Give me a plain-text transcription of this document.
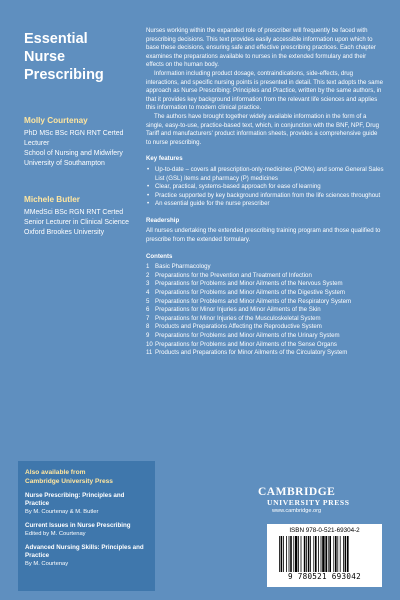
Essential
Nurse
Prescribing
Molly Courtenay
PhD MSc BSc RGN RNT Certed
Lecturer
School of Nursing and Midwifery
University of Southampton
Michele Butler
MMedSci BSc RGN RNT Certed
Senior Lecturer in Clinical Science
Oxford Brookes University

Nurses working within the expanded role of prescriber will frequently be faced with prescribing decisions. This text provides easily accessible information upon which to base these decisions, ensuring safe and effective prescribing practices. Each chapter examines the preparations available to nurses in the extended formulary and their effects on the human body.

Information including product dosage, contraindications, side-effects, drug interactions, and specific nursing points is presented in detail. This text adopts the same approach as Nurse Prescribing: Principles and Practice, written by the same authors, in that it provides key background information from the relevant life sciences and applies this information to modern clinical practice.

The authors have brought together widely available information in the form of a single, easy-to-use, practice-based text, which, in conjunction with the BNF, NPF, Drug Tariff and manufacturers' product information sheets, provides a comprehensive guide to nurse prescribing.

Key features
• Up-to-date – covers all prescription-only-medicines (POMs) and some General Sales List (GSL) items and pharmacy (P) medicines
• Clear, practical, systems-based approach for ease of learning
• Practice supported by key background information from the life sciences throughout
• An essential guide for the nurse prescriber
Readership

All nurses undertaking the extended prescribing training program and those qualified to prescribe from the extended formulary.

Contents
1 Basic Pharmacology
2 Preparations for the Prevention and Treatment of Infection
3 Preparations for Problems and Minor Ailments of the Nervous System
4 Preparations for Problems and Minor Ailments of the Digestive System
5 Preparations for Problems and Minor Ailments of the Respiratory System
6 Preparations for Minor Injuries and Minor Ailments of the Skin
7 Preparations for Minor Injuries of the Musculoskeletal System
8 Products and Preparations Affecting the Reproductive System
9 Preparations for Problems and Minor Ailments of the Urinary System
10 Preparations for Problems and Minor Ailments of the Sense Organs
11 Products and Preparations for Minor Ailments of the Circulatory System
Also available from
Cambridge University Press
Nurse Prescribing: Principles and Practice
By M. Courtenay & M. Butler
Current Issues in Nurse Prescribing
Edited by M. Courtenay
Advanced Nursing Skills: Principles and Practice
By M. Courtenay
CAMBRIDGE
UNIVERSITY PRESS
www.cambridge.org
ISBN 978-0-521-69304-2
9 780521 693042
